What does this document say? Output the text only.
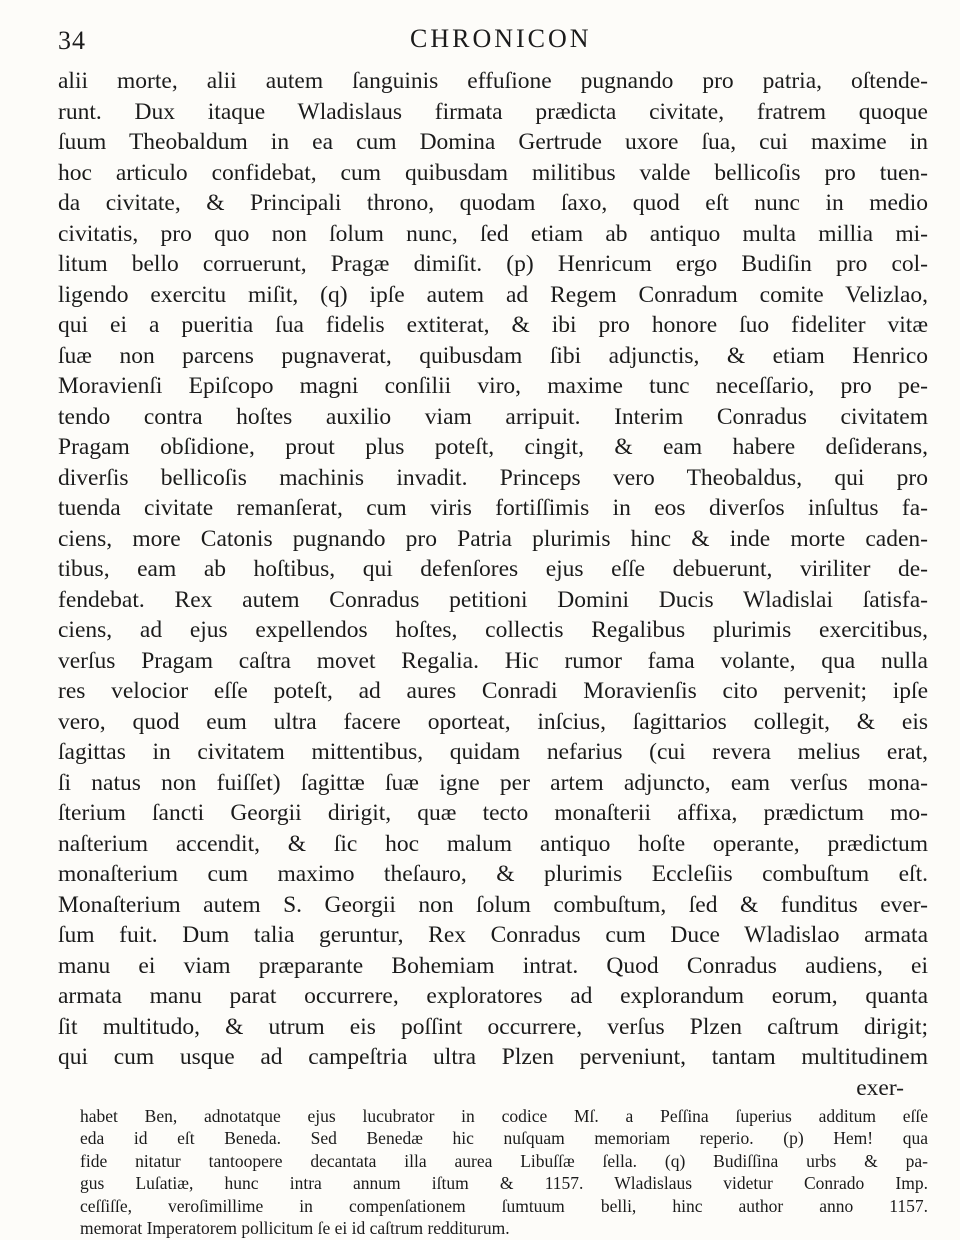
34	CHRONICON
alii morte, alii autem ſanguinis effuſione pugnando pro patria, oſtende-
runt. Dux itaque Wladislaus firmata prædicta civitate, fratrem quoque
ſuum Theobaldum in ea cum Domina Gertrude uxore ſua, cui maxime in
hoc articulo confidebat, cum quibusdam militibus valde bellicoſis pro tuen-
da civitate, & Principali throno, quodam ſaxo, quod eſt nunc in medio
civitatis, pro quo non ſolum nunc, ſed etiam ab antiquo multa millia mi-
litum bello corruerunt, Pragæ dimiſit. (p) Henricum ergo Budiſin pro col-
ligendo exercitu miſit, (q) ipſe autem ad Regem Conradum comite Velizlao,
qui ei a pueritia ſua fidelis extiterat, & ibi pro honore ſuo fideliter vitæ
ſuæ non parcens pugnaverat, quibusdam ſibi adjunctis, & etiam Henrico
Moravienſi Epiſcopo magni conſilii viro, maxime tunc neceſſario, pro pe-
tendo contra hoſtes auxilio viam arripuit. Interim Conradus civitatem
Pragam obſidione, prout plus poteſt, cingit, & eam habere deſiderans,
diverſis bellicoſis machinis invadit. Princeps vero Theobaldus, qui pro
tuenda civitate remanſerat, cum viris fortiſſimis in eos diverſos inſultus fa-
ciens, more Catonis pugnando pro Patria plurimis hinc & inde morte caden-
tibus, eam ab hoſtibus, qui defenſores ejus eſſe debuerunt, viriliter de-
fendebat. Rex autem Conradus petitioni Domini Ducis Wladislai ſatisfa-
ciens, ad ejus expellendos hoſtes, collectis Regalibus plurimis exercitibus,
verſus Pragam caſtra movet Regalia. Hic rumor fama volante, qua nulla
res velocior eſſe poteſt, ad aures Conradi Moravienſis cito pervenit; ipſe
vero, quod eum ultra facere oporteat, inſcius, ſagittarios collegit, & eis
ſagittas in civitatem mittentibus, quidam nefarius (cui revera melius erat,
ſi natus non fuiſſet) ſagittæ ſuæ igne per artem adjuncto, eam verſus mona-
ſterium ſancti Georgii dirigit, quæ tecto monaſterii affixa, prædictum mo-
naſterium accendit, & ſic hoc malum antiquo hoſte operante, prædictum
monaſterium cum maximo theſauro, & plurimis Eccleſiis combuſtum eſt.
Monaſterium autem S. Georgii non ſolum combuſtum, ſed & funditus ever-
ſum fuit. Dum talia geruntur, Rex Conradus cum Duce Wladislao armata
manu ei viam præparante Bohemiam intrat. Quod Conradus audiens, ei
armata manu parat occurrere, exploratores ad explorandum eorum, quanta
ſit multitudo, & utrum eis poſſint occurrere, verſus Plzen caſtrum dirigit;
qui cum usque ad campeſtria ultra Plzen perveniunt, tantam multitudinem
exer-
habet Ben, adnotatque ejus lucubrator in codice Mſ. a Peſſina ſuperius additum eſſe
eda id eſt Beneda. Sed Benedæ hic nuſquam memoriam reperio. (p) Hem! qua
fide nitatur tantoopere decantata illa aurea Libuſſæ ſella. (q) Budiſſina urbs & pa-
gus Luſatiæ, hunc intra annum iſtum & 1157. Wladislaus videtur Conrado Imp.
ceſſiſſe, veroſimillime in compenſationem ſumtuum belli, hinc author anno 1157.
memorat Imperatorem pollicitum ſe ei id caſtrum redditurum.
